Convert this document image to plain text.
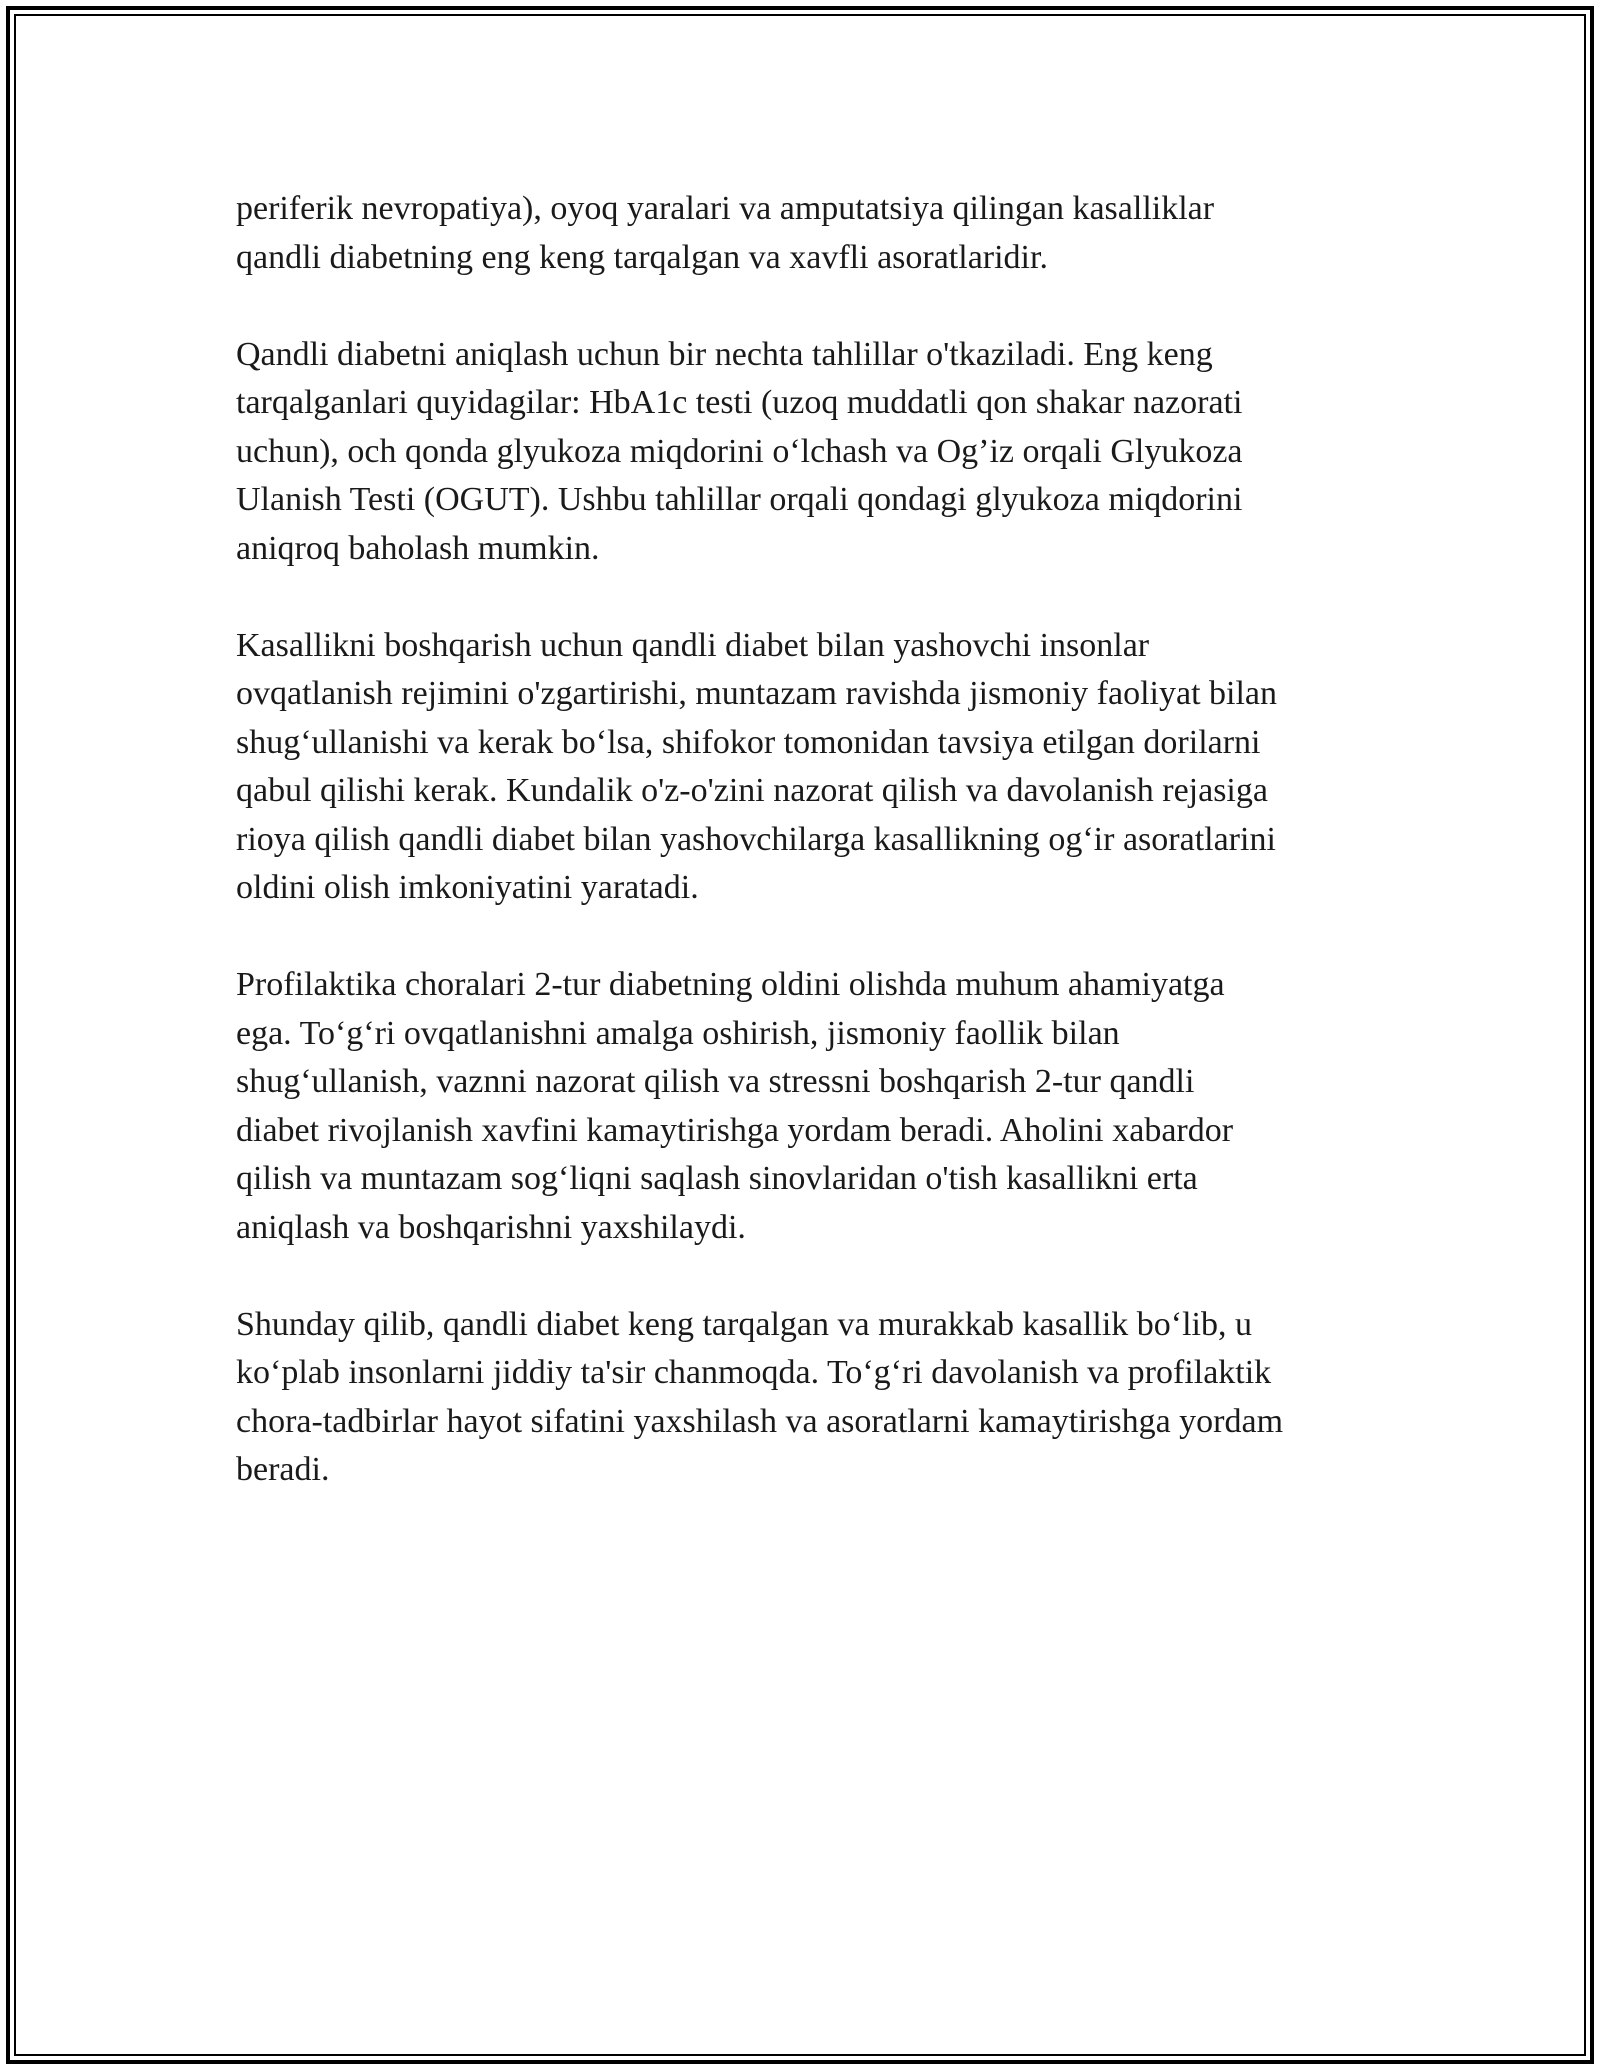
periferik nevropatiya), oyoq yaralari va amputatsiya qilingan kasalliklar
qandli diabetning eng keng tarqalgan va xavfli asoratlaridir.

Qandli diabetni aniqlash uchun bir nechta tahlillar o'tkaziladi. Eng keng
tarqalganlari quyidagilar: HbA1c testi (uzoq muddatli qon shakar nazorati
uchun), och qonda glyukoza miqdorini o‘lchash va Og’iz orqali Glyukoza
Ulanish Testi (OGUT). Ushbu tahlillar orqali qondagi glyukoza miqdorini
aniqroq baholash mumkin.

Kasallikni boshqarish uchun qandli diabet bilan yashovchi insonlar
ovqatlanish rejimini o'zgartirishi, muntazam ravishda jismoniy faoliyat bilan
shug‘ullanishi va kerak bo‘lsa, shifokor tomonidan tavsiya etilgan dorilarni
qabul qilishi kerak. Kundalik o'z-o'zini nazorat qilish va davolanish rejasiga
rioya qilish qandli diabet bilan yashovchilarga kasallikning og‘ir asoratlarini
oldini olish imkoniyatini yaratadi.

Profilaktika choralari 2-tur diabetning oldini olishda muhum ahamiyatga
ega. To‘g‘ri ovqatlanishni amalga oshirish, jismoniy faollik bilan
shug‘ullanish, vaznni nazorat qilish va stressni boshqarish 2-tur qandli
diabet rivojlanish xavfini kamaytirishga yordam beradi. Aholini xabardor
qilish va muntazam sog‘liqni saqlash sinovlaridan o'tish kasallikni erta
aniqlash va boshqarishni yaxshilaydi.

Shunday qilib, qandli diabet keng tarqalgan va murakkab kasallik bo‘lib, u
ko‘plab insonlarni jiddiy ta'sir chanmoqda. To‘g‘ri davolanish va profilaktik
chora-tadbirlar hayot sifatini yaxshilash va asoratlarni kamaytirishga yordam
beradi.
